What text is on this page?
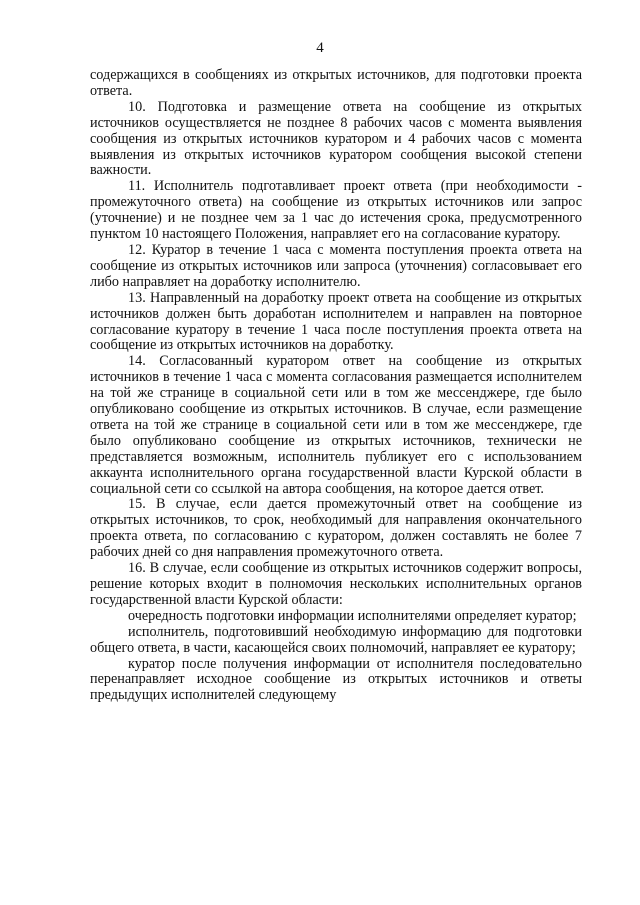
4

содержащихся в сообщениях из открытых источников, для подготовки проекта ответа.

10. Подготовка и размещение ответа на сообщение из открытых источников осуществляется не позднее 8 рабочих часов с момента выявления сообщения из открытых источников куратором и 4 рабочих часов с момента выявления из открытых источников куратором сообщения высокой степени важности.

11. Исполнитель подготавливает проект ответа (при необходимости - промежуточного ответа) на сообщение из открытых источников или запрос (уточнение) и не позднее чем за 1 час до истечения срока, предусмотренного пунктом 10 настоящего Положения, направляет его на согласование куратору.

12. Куратор в течение 1 часа с момента поступления проекта ответа на сообщение из открытых источников или запроса (уточнения) согласовывает его либо направляет на доработку исполнителю.

13. Направленный на доработку проект ответа на сообщение из открытых источников должен быть доработан исполнителем и направлен на повторное согласование куратору в течение 1 часа после поступления проекта ответа на сообщение из открытых источников на доработку.

14. Согласованный куратором ответ на сообщение из открытых источников в течение 1 часа с момента согласования размещается исполнителем на той же странице в социальной сети или в том же мессенджере, где было опубликовано сообщение из открытых источников. В случае, если размещение ответа на той же странице в социальной сети или в том же мессенджере, где было опубликовано сообщение из открытых источников, технически не представляется возможным, исполнитель публикует его с использованием аккаунта исполнительного органа государственной власти Курской области в социальной сети со ссылкой на автора сообщения, на которое дается ответ.

15. В случае, если дается промежуточный ответ на сообщение из открытых источников, то срок, необходимый для направления окончательного проекта ответа, по согласованию с куратором, должен составлять не более 7 рабочих дней со дня направления промежуточного ответа.

16. В случае, если сообщение из открытых источников содержит вопросы, решение которых входит в полномочия нескольких исполнительных органов государственной власти Курской области:

очередность подготовки информации исполнителями определяет куратор;

исполнитель, подготовивший необходимую информацию для подготовки общего ответа, в части, касающейся своих полномочий, направляет ее куратору;

куратор после получения информации от исполнителя последовательно перенаправляет исходное сообщение из открытых источников и ответы предыдущих исполнителей следующему
